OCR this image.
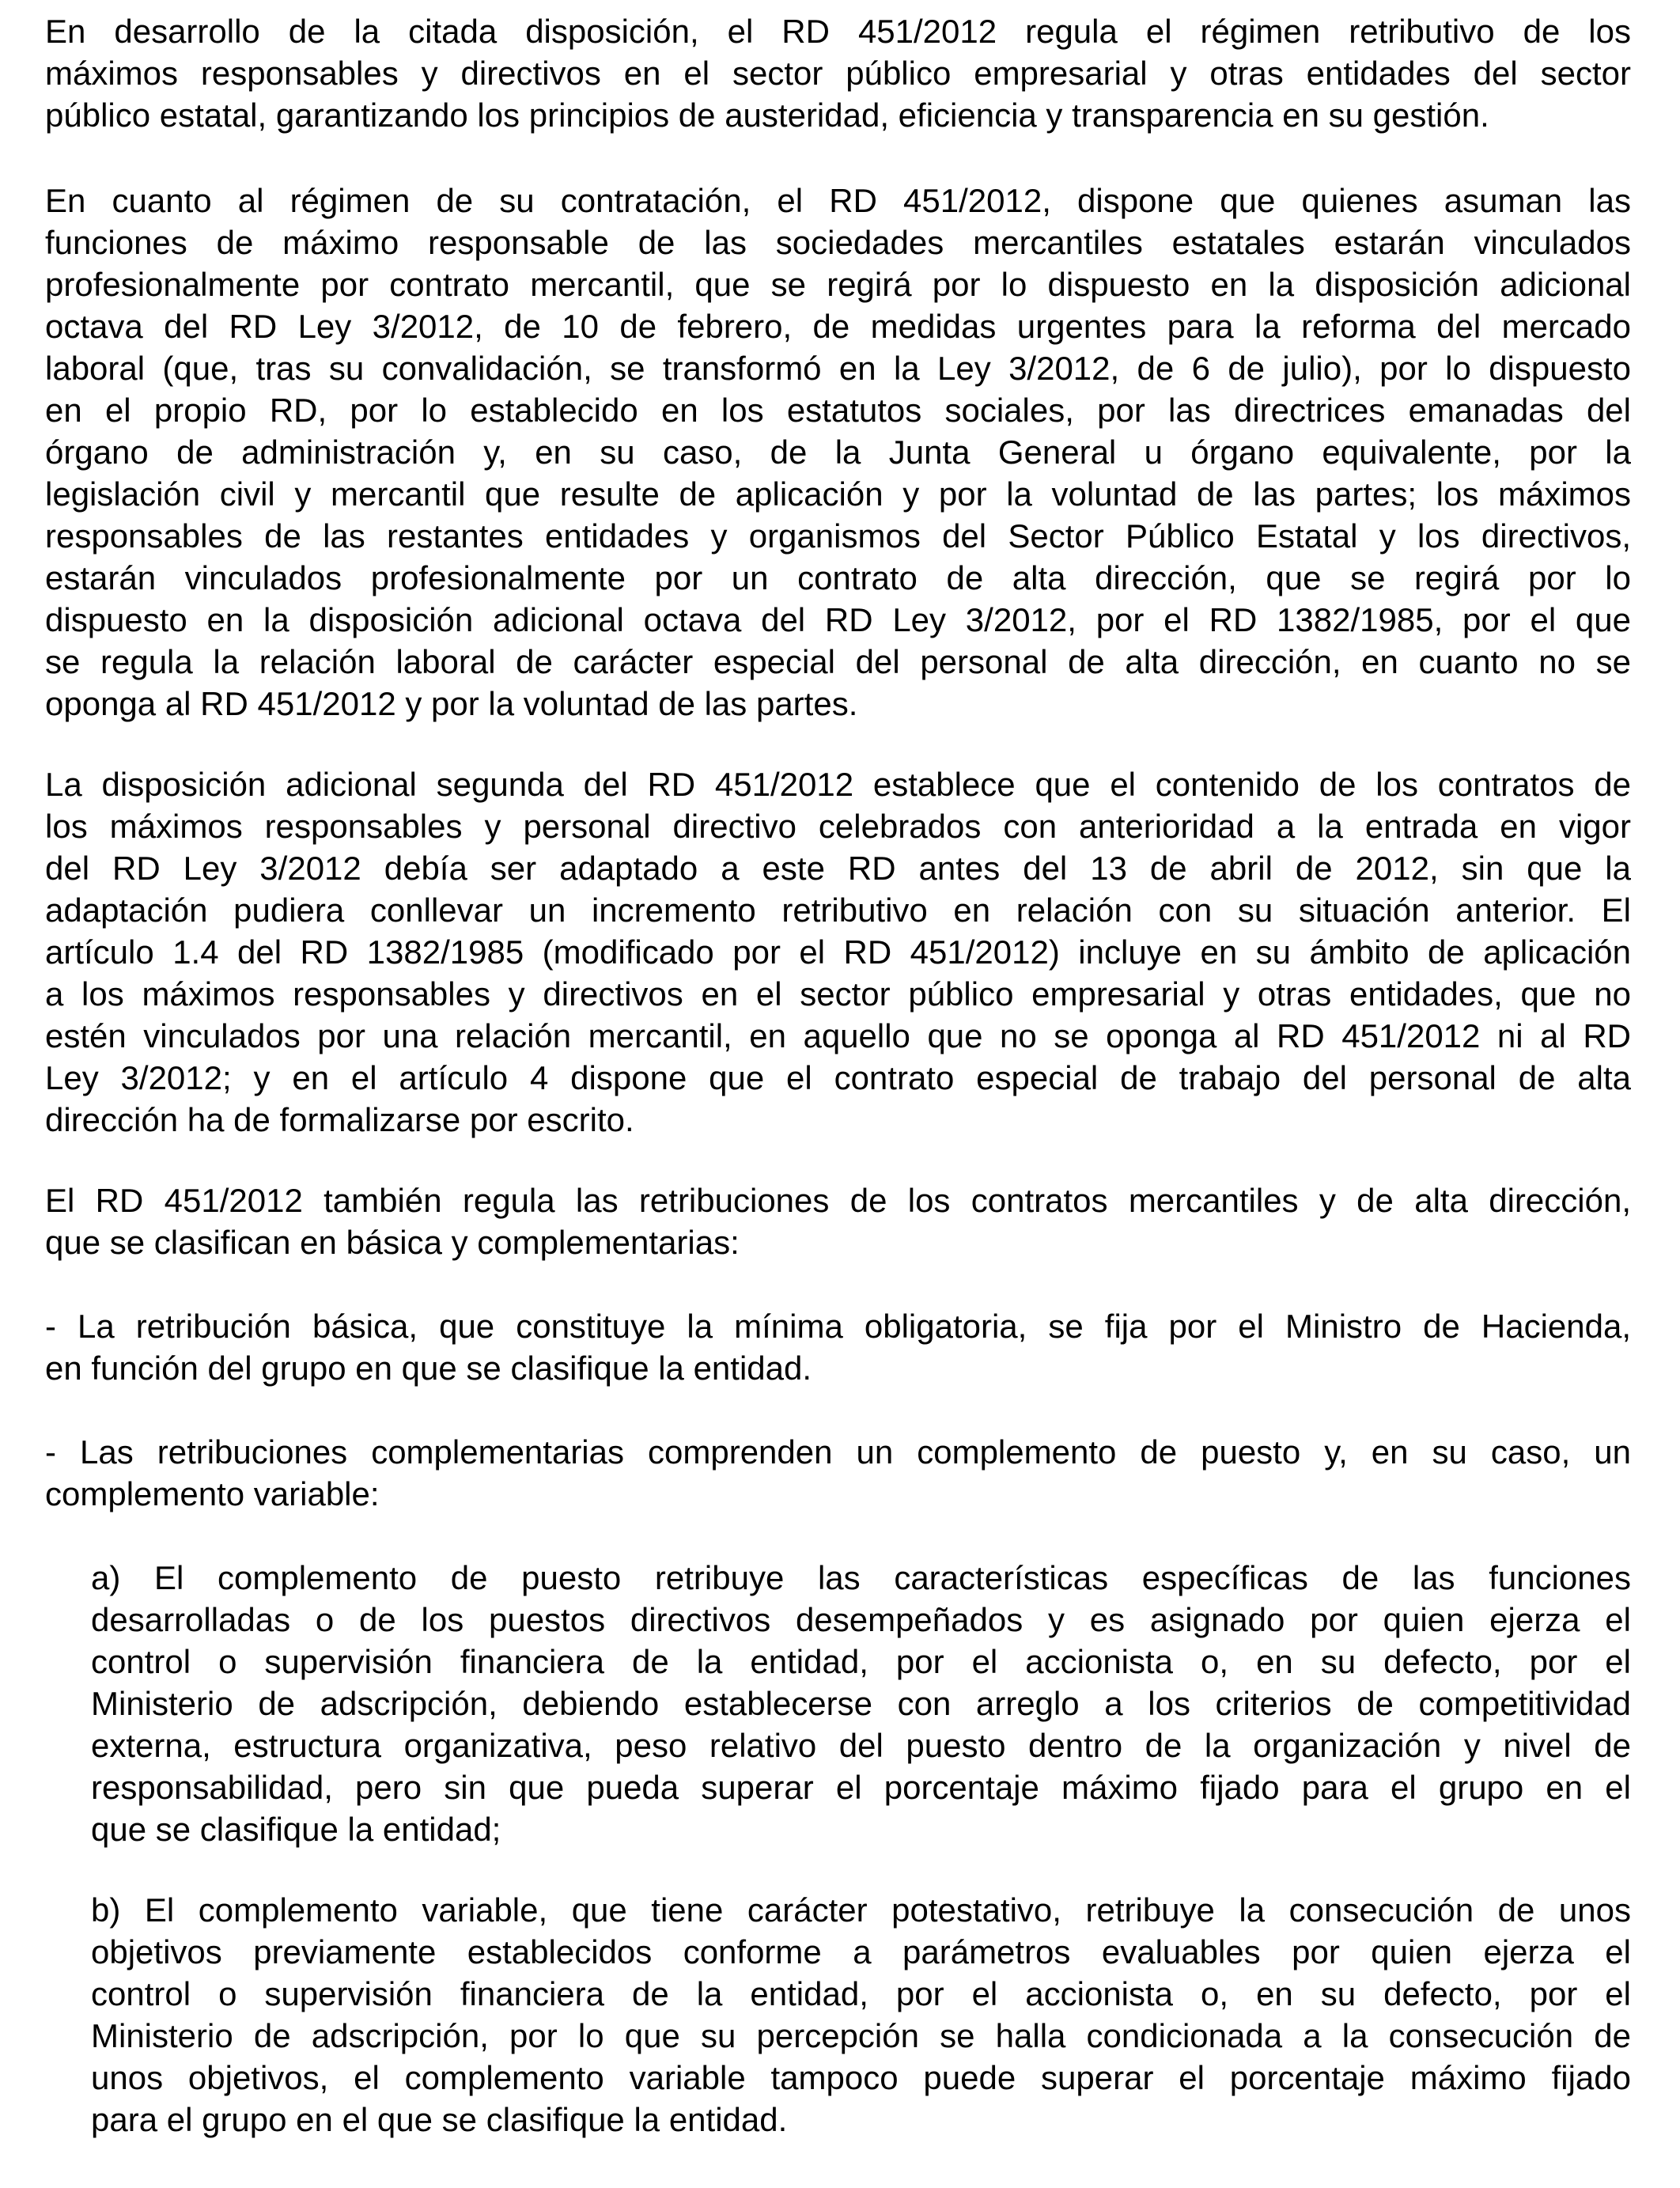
En desarrollo de la citada disposición, el RD 451/2012 regula el régimen retributivo de los
máximos responsables y directivos en el sector público empresarial y otras entidades del sector
público estatal, garantizando los principios de austeridad, eficiencia y transparencia en su gestión.
En cuanto al régimen de su contratación, el RD 451/2012, dispone que quienes asuman las
funciones de máximo responsable de las sociedades mercantiles estatales estarán vinculados
profesionalmente por contrato mercantil, que se regirá por lo dispuesto en la disposición adicional
octava del RD Ley 3/2012, de 10 de febrero, de medidas urgentes para la reforma del mercado
laboral (que, tras su convalidación, se transformó en la Ley 3/2012, de 6 de julio), por lo dispuesto
en el propio RD, por lo establecido en los estatutos sociales, por las directrices emanadas del
órgano de administración y, en su caso, de la Junta General u órgano equivalente, por la
legislación civil y mercantil que resulte de aplicación y por la voluntad de las partes; los máximos
responsables de las restantes entidades y organismos del Sector Público Estatal y los directivos,
estarán vinculados profesionalmente por un contrato de alta dirección, que se regirá por lo
dispuesto en la disposición adicional octava del RD Ley 3/2012, por el RD 1382/1985, por el que
se regula la relación laboral de carácter especial del personal de alta dirección, en cuanto no se
oponga al RD 451/2012 y por la voluntad de las partes.
La disposición adicional segunda del RD 451/2012 establece que el contenido de los contratos de
los máximos responsables y personal directivo celebrados con anterioridad a la entrada en vigor
del RD Ley 3/2012 debía ser adaptado a este RD antes del 13 de abril de 2012, sin que la
adaptación pudiera conllevar un incremento retributivo en relación con su situación anterior. El
artículo 1.4 del RD 1382/1985 (modificado por el RD 451/2012) incluye en su ámbito de aplicación
a los máximos responsables y directivos en el sector público empresarial y otras entidades, que no
estén vinculados por una relación mercantil, en aquello que no se oponga al RD 451/2012 ni al RD
Ley 3/2012; y en el artículo 4 dispone que el contrato especial de trabajo del personal de alta
dirección ha de formalizarse por escrito.
El RD 451/2012 también regula las retribuciones de los contratos mercantiles y de alta dirección,
que se clasifican en básica y complementarias:
- La retribución básica, que constituye la mínima obligatoria, se fija por el Ministro de Hacienda,
en función del grupo en que se clasifique la entidad.
- Las retribuciones complementarias comprenden un complemento de puesto y, en su caso, un
complemento variable:
a) El complemento de puesto retribuye las características específicas de las funciones
desarrolladas o de los puestos directivos desempeñados y es asignado por quien ejerza el
control o supervisión financiera de la entidad, por el accionista o, en su defecto, por el
Ministerio de adscripción, debiendo establecerse con arreglo a los criterios de competitividad
externa, estructura organizativa, peso relativo del puesto dentro de la organización y nivel de
responsabilidad, pero sin que pueda superar el porcentaje máximo fijado para el grupo en el
que se clasifique la entidad;
b) El complemento variable, que tiene carácter potestativo, retribuye la consecución de unos
objetivos previamente establecidos conforme a parámetros evaluables por quien ejerza el
control o supervisión financiera de la entidad, por el accionista o, en su defecto, por el
Ministerio de adscripción, por lo que su percepción se halla condicionada a la consecución de
unos objetivos, el complemento variable tampoco puede superar el porcentaje máximo fijado
para el grupo en el que se clasifique la entidad.
